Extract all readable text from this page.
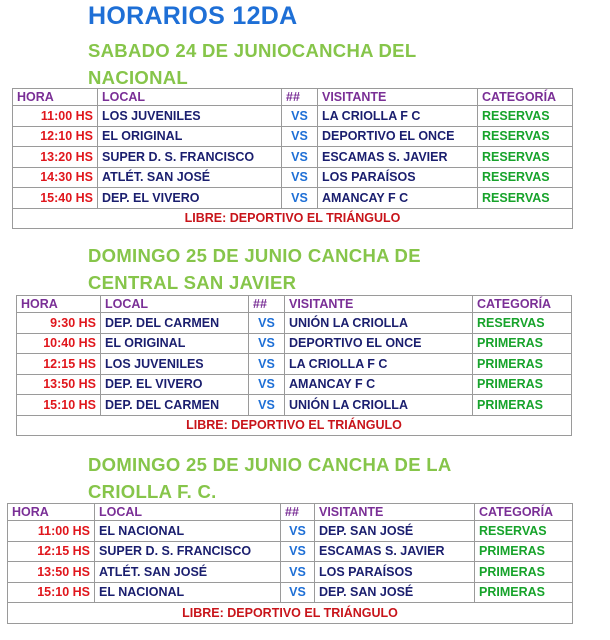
HORARIOS 12DA
SABADO 24 DE JUNIOCANCHA DEL
NACIONAL
HORA	LOCAL	##	VISITANTE	CATEGORÍA
11:00 HS	LOS JUVENILES	VS	LA CRIOLLA F C	RESERVAS
12:10 HS	EL ORIGINAL	VS	DEPORTIVO EL ONCE	RESERVAS
13:20 HS	SUPER D. S. FRANCISCO	VS	ESCAMAS S. JAVIER	RESERVAS
14:30 HS	ATLÉT. SAN JOSÉ	VS	LOS PARAÍSOS	RESERVAS
15:40 HS	DEP. EL VIVERO	VS	AMANCAY F C	RESERVAS
LIBRE: DEPORTIVO EL TRIÁNGULO				
DOMINGO 25 DE JUNIO CANCHA DE
CENTRAL SAN JAVIER
HORA	LOCAL	##	VISITANTE	CATEGORÍA
9:30 HS	DEP. DEL CARMEN	VS	UNIÓN LA CRIOLLA	RESERVAS
10:40 HS	EL ORIGINAL	VS	DEPORTIVO EL ONCE	PRIMERAS
12:15 HS	LOS JUVENILES	VS	LA CRIOLLA F C	PRIMERAS
13:50 HS	DEP. EL VIVERO	VS	AMANCAY F C	PRIMERAS
15:10 HS	DEP. DEL CARMEN	VS	UNIÓN LA CRIOLLA	PRIMERAS
LIBRE: DEPORTIVO EL TRIÁNGULO				
DOMINGO 25 DE JUNIO CANCHA DE LA
CRIOLLA F. C.
HORA	LOCAL	##	VISITANTE	CATEGORÍA
11:00 HS	EL NACIONAL	VS	DEP. SAN JOSÉ	RESERVAS
12:15 HS	SUPER D. S. FRANCISCO	VS	ESCAMAS S. JAVIER	PRIMERAS
13:50 HS	ATLÉT. SAN JOSÉ	VS	LOS PARAÍSOS	PRIMERAS
15:10 HS	EL NACIONAL	VS	DEP. SAN JOSÉ	PRIMERAS
LIBRE: DEPORTIVO EL TRIÁNGULO				
